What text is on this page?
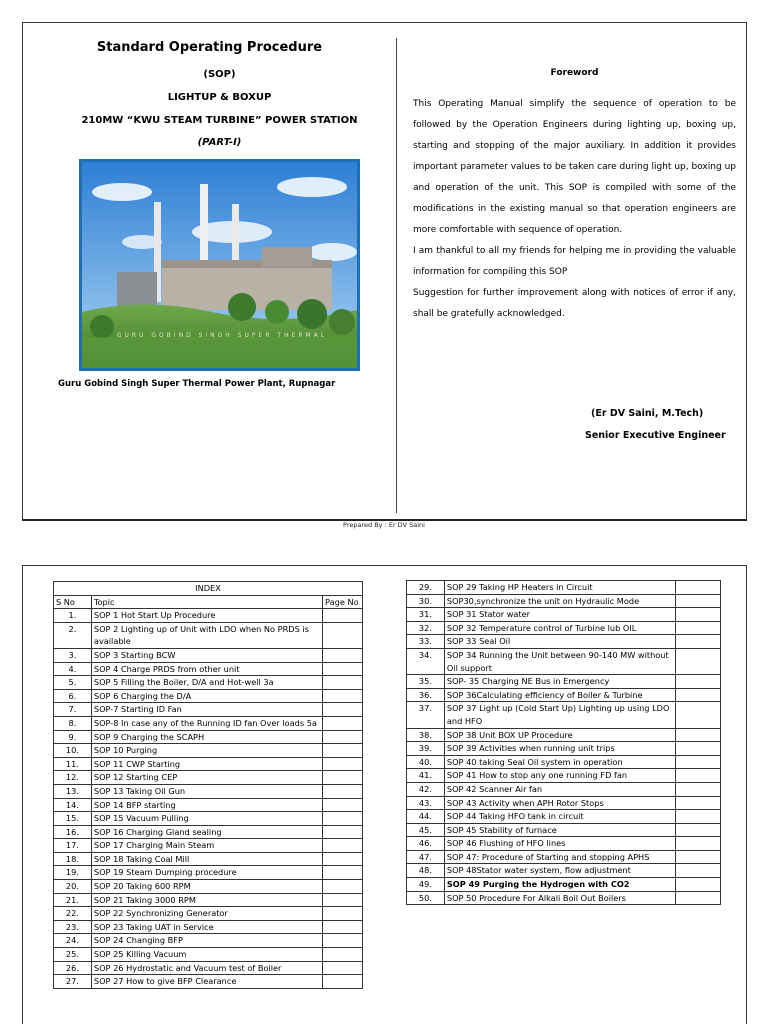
Standard Operating Procedure
(SOP)
LIGHTUP & BOXUP
210MW “KWU STEAM TURBINE” POWER STATION
(PART-I)
GURU GOBIND SINGH SUPER THERMAL
Guru Gobind Singh Super Thermal Power Plant, Rupnagar
Foreword

This Operating Manual simplify the sequence of operation to be followed by the Operation Engineers during lighting up, boxing up, starting and stopping of the major auxiliary. In addition it provides important parameter values to be taken care during light up, boxing up and operation of the unit. This SOP is compiled with some of the modifications in the existing manual so that operation engineers are more comfortable with sequence of operation.

I am thankful to all my friends for helping me in providing the valuable information for compiling this SOP

Suggestion for further improvement along with notices of error if any, shall be gratefully acknowledged.

(Er DV Saini, M.Tech)
Senior Executive Engineer
Prepared By : Er DV Saini
INDEX		
S No	Topic	Page No
1.	SOP 1 Hot Start Up Procedure	
2.	SOP 2 Lighting up of Unit with LDO when No PRDS is available	
3.	SOP 3 Starting BCW	
4.	SOP 4 Charge PRDS from other unit	
5.	SOP 5 Filling the Boiler, D/A and Hot-well 3a	
6.	SOP 6 Charging the D/A	
7.	SOP-7 Starting ID Fan	
8.	SOP-8 In case any of the Running ID fan Over loads 5a	
9.	SOP 9 Charging the SCAPH	
10.	SOP 10 Purging	
11.	SOP 11 CWP Starting	
12.	SOP 12 Starting CEP	
13.	SOP 13 Taking Oil Gun	
14.	SOP 14 BFP starting	
15.	SOP 15 Vacuum Pulling	
16.	SOP 16 Charging Gland sealing	
17.	SOP 17 Charging Main Steam	
18.	SOP 18 Taking Coal Mill	
19.	SOP 19 Steam Dumping procedure	
20.	SOP 20 Taking 600 RPM	
21.	SOP 21 Taking 3000 RPM	
22.	SOP 22 Synchronizing Generator	
23.	SOP 23 Taking UAT in Service	
24.	SOP 24 Changing BFP	
25.	SOP 25 Killing Vacuum	
26.	SOP 26 Hydrostatic and Vacuum test of Boiler	
27.	SOP 27 How to give BFP Clearance	
29.	SOP 29 Taking HP Heaters in Circuit	
30.	SOP30,synchronize the unit on Hydraulic Mode	
31.	SOP 31 Stator water	
32.	SOP 32 Temperature control of Turbine lub OIL	
33.	SOP 33 Seal Oil	
34.	SOP 34 Running the Unit between 90-140 MW without Oil support	
35.	SOP- 35 Charging NE Bus in Emergency	
36.	SOP 36Calculating efficiency of Boiler & Turbine	
37.	SOP 37 Light up (Cold Start Up) Lighting up using LDO and HFO	
38.	SOP 38 Unit BOX UP Procedure	
39.	SOP 39 Activities when running unit trips	
40.	SOP 40 taking Seal Oil system in operation	
41.	SOP 41 How to stop any one running FD fan	
42.	SOP 42 Scanner Air fan	
43.	SOP 43 Activity when APH Rotor Stops	
44.	SOP 44 Taking HFO tank in circuit	
45.	SOP 45 Stability of furnace	
46.	SOP 46 Flushing of HFO lines	
47.	SOP 47: Procedure of Starting and stopping APHS	
48.	SOP 48Stator water system, flow adjustment	
49.	SOP 49 Purging the Hydrogen with CO2	
50.	SOP 50 Procedure For Alkali Boil Out Boilers	
